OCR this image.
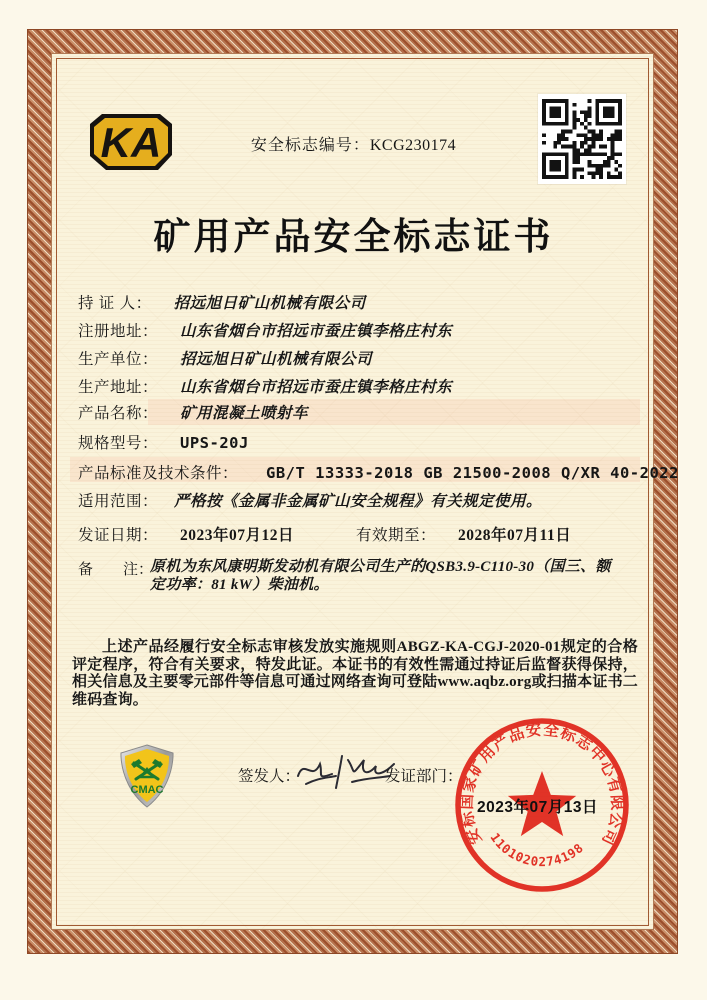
KA	安全标志编号：KCG230174
矿用产品安全标志证书
持 证 人： 招远旭日矿山机械有限公司
注册地址： 山东省烟台市招远市蚕庄镇李格庄村东
生产单位： 招远旭日矿山机械有限公司
生产地址： 山东省烟台市招远市蚕庄镇李格庄村东
产品名称： 矿用混凝土喷射车
规格型号： UPS-20J
产品标准及技术条件： GB/T 13333-2018 GB 21500-2008 Q/XR 40-2022
适用范围： 严格按《金属非金属矿山安全规程》有关规定使用。
发证日期： 2023年07月12日	有效期至： 2028年07月11日
备　　注：
原机为东风康明斯发动机有限公司生产的QSB3.9-C110-30（国三、额定功率：81 kW）柴油机。
上述产品经履行安全标志审核发放实施规则ABGZ-KA-CGJ-2020-01规定的合格评定程序，符合有关要求，特发此证。本证书的有效性需通过持证后监督获得保持，相关信息及主要零元部件等信息可通过网络查询可登陆www.aqbz.org或扫描本证书二维码查询。
CMAC
签发人：	发证部门：
安标国家矿用产品安全标志中心有限公司
1101020274198
2023年07月13日
